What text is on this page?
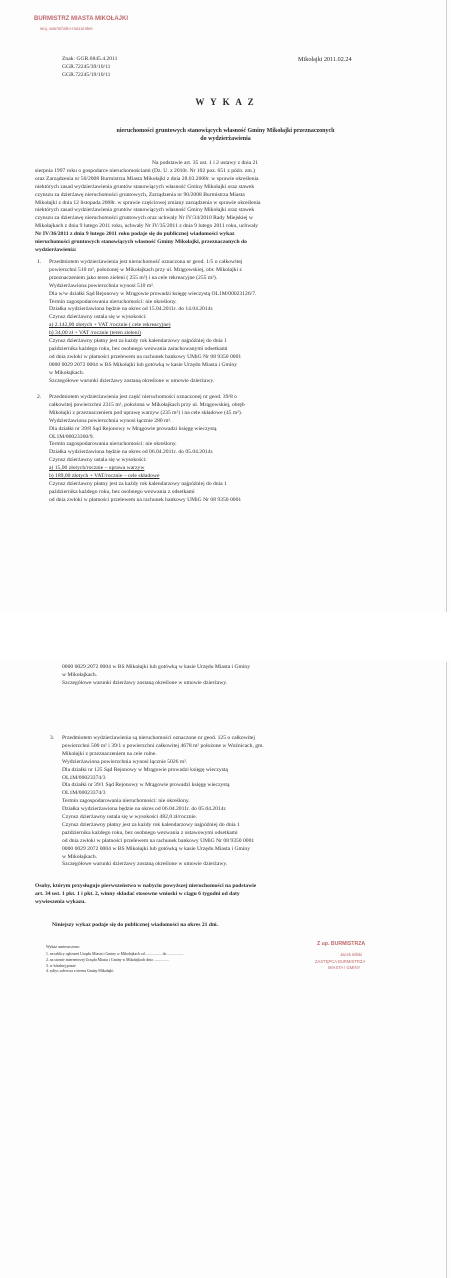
BURMISTRZ MIASTA MIKOŁAJKI
woj. warmińsko-mazurskie
Znak: GGR.6845.4.2011
GGR.72245/39/10/11
GGR.72245/19/10/11
Mikołajki 2011.02.24
W Y K A Z
nieruchomości gruntowych stanowiących własność Gminy Mikołajki przeznaczonych
do wydzierżawienia
Na podstawie art. 35 ust. 1 i 2 ustawy z dnia 21
sierpnia 1997 roku o gospodarce nieruchomościami (Dz. U. z 2010r. Nr 102 poz. 651 z późn. zm.)
oraz Zarządzenia nr 50/2008 Burmistrza Miasta Mikołajki z dnia 28.03.2008r. w sprawie określenia
niektórych zasad wydzierżawienia gruntów stanowiących własność Gminy Mikołajki oraz stawek
czynszu za dzierżawę nieruchomości gruntowych, Zarządzenia nr 90/2008 Burmistrza Miasta
Mikołajki z dnia 12 listopada 2008r. w sprawie częściowej zmiany zarządzenia w sprawie określenia
niektórych zasad wydzierżawienia gruntów stanowiących własność Gminy Mikołajki oraz stawek
czynszu za dzierżawę nieruchomości gruntowych oraz uchwały Nr IV/34/2010 Rady Miejskiej w
Mikołajkach z dnia 9 lutego 2011 roku, uchwały Nr IV/35/2011 z dnia 9 lutego 2011 roku, uchwały
Nr IV/36/2011 z dnia 9 lutego 2011 roku podaje się do publicznej wiadomości wykaz
nieruchomości gruntowych stanowiących własność Gminy Mikołajki, przeznaczonych do
wydzierżawienia:
1. Przedmiotem wydzierżawienia jest nieruchomość oznaczona nr geod. 1/5 o całkowitej
powierzchni 510 m², położonej w Mikołajkach przy ul. Mrągowskiej, obr. Mikołajki z
przeznaczeniem jako teren zieleni ( 255 m²) i na cele rekreacyjne (255 m²).
Wydzierżawiona powierzchnia wynosi 510 m².
Dla w/w działki Sąd Rejonowy w Mrągowie prowadzi księgę wieczystą OL1M/00023126/7.
Termin zagospodarowania nieruchomości: nie określony.
Działka wydzierżawiona będzie na okres od 15.04.2011r. do 14.04.2014r.
Czynsz dzierżawny ustala się w wysokości:
a) 2.142,00 złotych + VAT /rocznie ( cele rekreacyjne)
b) 34,00 zł + VAT /rocznie (teren zieleni)
Czynsz dzierżawny płatny jest za każdy rok kalendarzowy najpóźniej do dnia 1
października każdego roku, bez osobnego wezwania zarachowanymi odsetkami
od dnia zwłoki w płatności przelewem na rachunek bankowy UMiG Nr 08 9350 0001
0000 0029 2072 0004 w BS Mikołajki lub gotówką w kasie Urzędu Miasta i Gminy
w Mikołajkach.
Szczegółowe warunki dzierżawy zostaną określone w umowie dzierżawy.
2. Przedmiotem wydzierżawienia jest część nieruchomości oznaczonej nr geod. 39/8 o
całkowitej powierzchni 2315 m², położona w Mikołajkach przy ul. Mrągowskiej, obręb
Mikołajki z przeznaczeniem pod uprawę warzyw (235 m²) i na cele składowe (45 m²).
Wydzierżawiona powierzchnia wynosi łącznie 280 m².
Dla działki nr 39/8 Sąd Rejonowy w Mrągowie prowadzi księgę wieczystą
OL1M/00023360/9.
Termin zagospodarowania nieruchomości: nie określony.
Działka wydzierżawiona będzie na okres od 06.04.2011r. do 05.04.2014r.
Czynsz dzierżawny ustala się w wysokości:
a) 15,00 złotych/rocznie – uprawa warzyw
b) 189,00 złotych + VAT/rocznie – cele składowe
Czynsz dzierżawny płatny jest za każdy rok kalendarzowy najpóźniej do dnia 1
października każdego roku, bez osobnego wezwania z odsetkami
od dnia zwłoki w płatności przelewem na rachunek bankowy UMiG Nr 08 9350 0001
0000 0029 2072 0004 w BS Mikołajki lub gotówką w kasie Urzędu Miasta i Gminy
w Mikołajkach.
Szczegółowe warunki dzierżawy zostaną określone w umowie dzierżawy.
3. Przedmiotem wydzierżawienia są nieruchomości oznaczone nr geod. 125 o całkowitej
powierzchni 500 m² i 39/1 o powierzchni całkowitej 4678 m² położone w Woźnicach, gm.
Mikołajki z przeznaczeniem na cele rolne.
Wydzierżawiona powierzchnia wynosi łącznie 5026 m².
Dla działki nr 125 Sąd Rejonowy w Mrągowie prowadzi księgę wieczystą
OL1M/00023374/3
Dla działki nr 39/1 Sąd Rejonowy w Mrągowie prowadzi księgę wieczystą
OL1M/00023374/3
Termin zagospodarowania nieruchomości: nie określony.
Działka wydzierżawiona będzie na okres od 06.04.2011r. do 05.04.2014r.
Czynsz dzierżawny ustala się w wysokości 482,0 zł/rocznie.
Czynsz dzierżawny płatny jest za każdy rok kalendarzowy najpóźniej do dnia 1
października każdego roku, bez osobnego wezwania z ustawowymi odsetkami
od dnia zwłoki w płatności przelewem na rachunek bankowy UMiG Nr 08 9350 0001
0000 0029 2072 0004 w BS Mikołajki lub gotówką w kasie Urzędu Miasta i Gminy
w Mikołajkach.
Szczegółowe warunki dzierżawy zostaną określone w umowie dzierżawy.
Osoby, którym przysługuje pierwszeństwo w nabyciu powyższej nieruchomości na podstawie
art. 34 ust. 1 pkt. 1 i pkt. 2, winny składać stosowne wnioski w ciągu 6 tygodni od daty
wywieszenia wykazu.
Niniejszy wykaz podaje się do publicznej wiadomości na okres 21 dni.
Wykaz umieszczono:
1. na tablicy ogłoszeń Urzędu Miasta i Gminy w Mikołajkach od ................. do .................
2. na stronie internetowej Urzędu Miasta i Gminy w Mikołajkach dnia ................
3. w lokalnej prasie
4. sołtys sołectwa z terenu Gminy Mikołajki
Z up. BURMISTRZA
Jacek Bilski
ZASTĘPCA BURMISTRZA
MIASTA I GMINY
